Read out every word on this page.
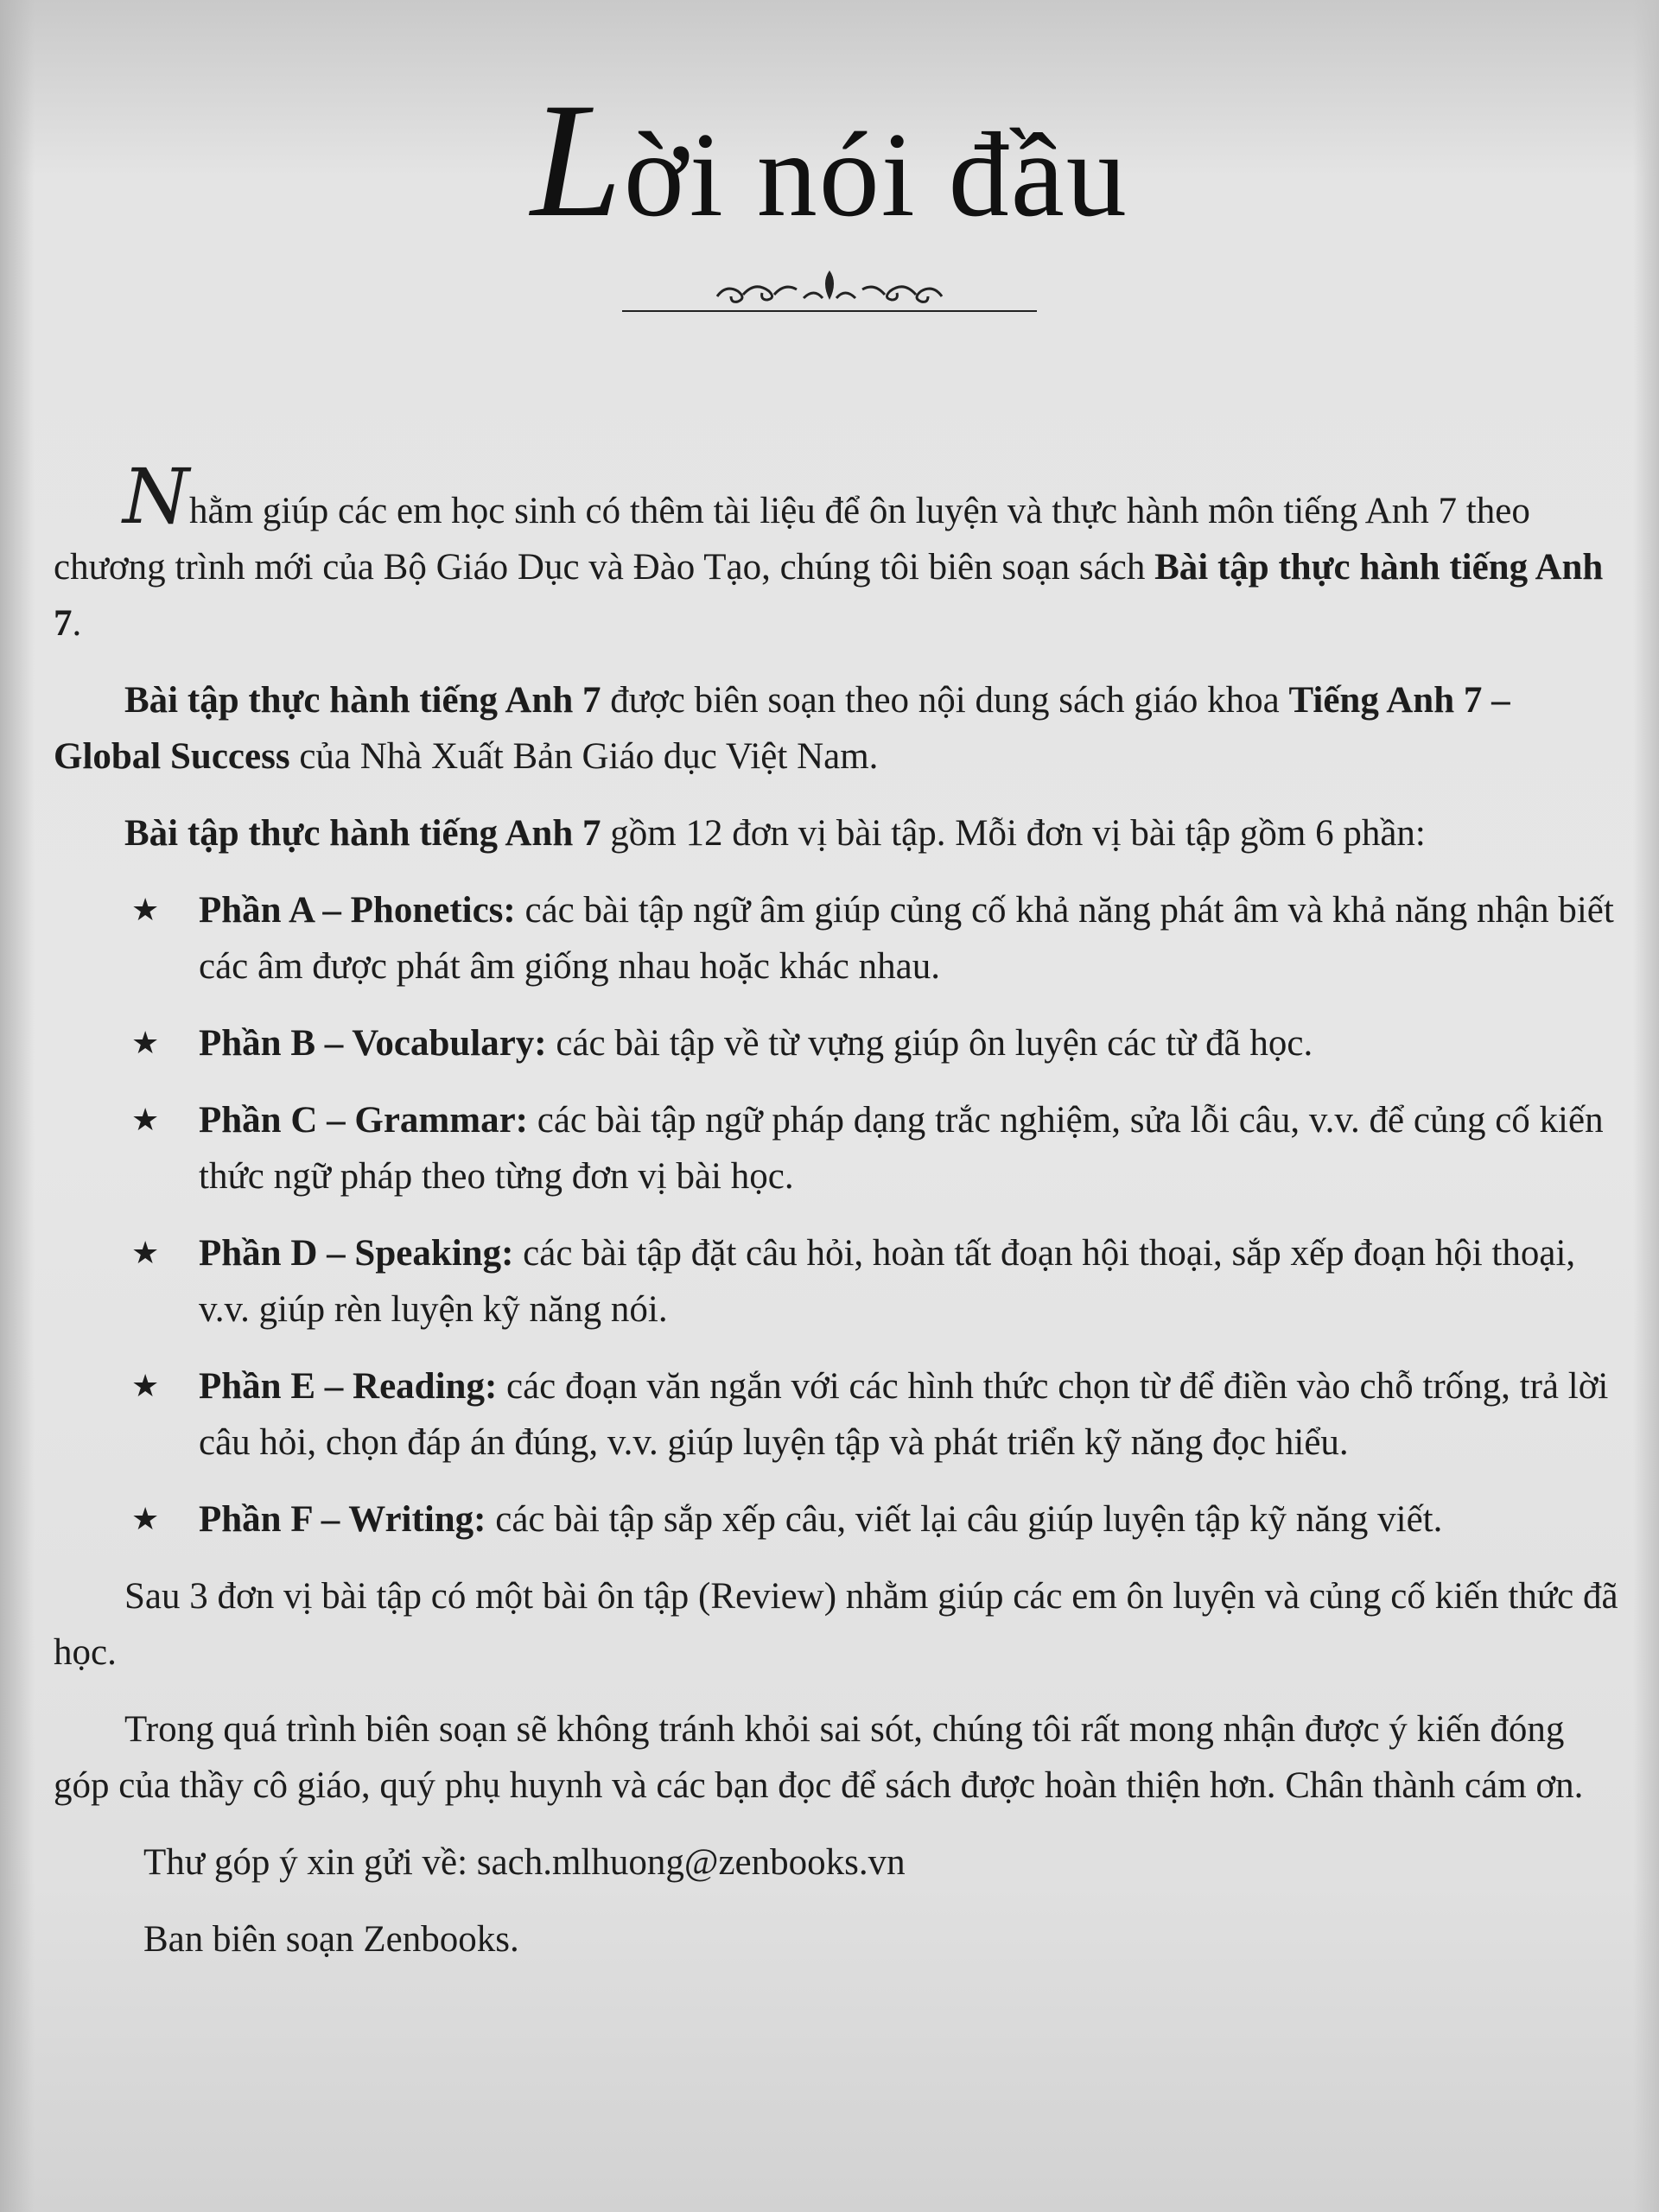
Lời nói đầu

Nhằm giúp các em học sinh có thêm tài liệu để ôn luyện và thực hành môn tiếng Anh 7 theo chương trình mới của Bộ Giáo Dục và Đào Tạo, chúng tôi biên soạn sách Bài tập thực hành tiếng Anh 7.

Bài tập thực hành tiếng Anh 7 được biên soạn theo nội dung sách giáo khoa Tiếng Anh 7 – Global Success của Nhà Xuất Bản Giáo dục Việt Nam.

Bài tập thực hành tiếng Anh 7 gồm 12 đơn vị bài tập. Mỗi đơn vị bài tập gồm 6 phần:

★ Phần A – Phonetics: các bài tập ngữ âm giúp củng cố khả năng phát âm và khả năng nhận biết các âm được phát âm giống nhau hoặc khác nhau.
★ Phần B – Vocabulary: các bài tập về từ vựng giúp ôn luyện các từ đã học.
★ Phần C – Grammar: các bài tập ngữ pháp dạng trắc nghiệm, sửa lỗi câu, v.v. để củng cố kiến thức ngữ pháp theo từng đơn vị bài học.
★ Phần D – Speaking: các bài tập đặt câu hỏi, hoàn tất đoạn hội thoại, sắp xếp đoạn hội thoại, v.v. giúp rèn luyện kỹ năng nói.
★ Phần E – Reading: các đoạn văn ngắn với các hình thức chọn từ để điền vào chỗ trống, trả lời câu hỏi, chọn đáp án đúng, v.v. giúp luyện tập và phát triển kỹ năng đọc hiểu.
★ Phần F – Writing: các bài tập sắp xếp câu, viết lại câu giúp luyện tập kỹ năng viết.

Sau 3 đơn vị bài tập có một bài ôn tập (Review) nhằm giúp các em ôn luyện và củng cố kiến thức đã học.

Trong quá trình biên soạn sẽ không tránh khỏi sai sót, chúng tôi rất mong nhận được ý kiến đóng góp của thầy cô giáo, quý phụ huynh và các bạn đọc để sách được hoàn thiện hơn. Chân thành cám ơn.

Thư góp ý xin gửi về: sach.mlhuong@zenbooks.vn

Ban biên soạn Zenbooks.
